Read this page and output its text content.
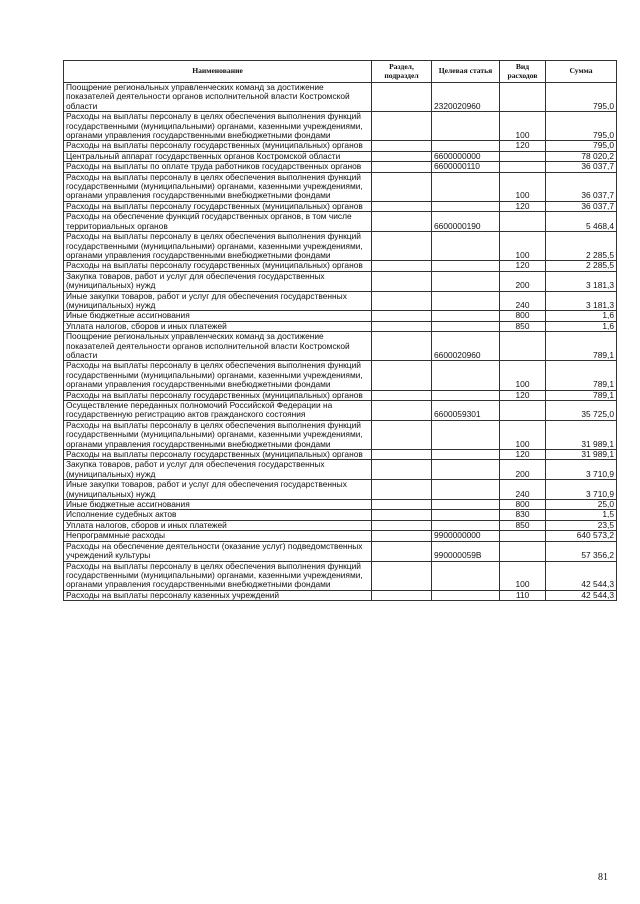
Наименование	Раздел, подраздел	Целевая статья	Вид расходов	Сумма
Поощрение региональных управленческих команд за достижение показателей деятельности органов исполнительной власти Костромской области		2320020960		795,0
Расходы на выплаты персоналу в целях обеспечения выполнения функций государственными (муниципальными) органами, казенными учреждениями, органами управления государственными внебюджетными фондами			100	795,0
Расходы на выплаты персоналу государственных (муниципальных) органов			120	795,0
Центральный аппарат государственных органов Костромской области		6600000000		78 020,2
Расходы на выплаты по оплате труда работников государственных органов		6600000110		36 037,7
Расходы на выплаты персоналу в целях обеспечения выполнения функций государственными (муниципальными) органами, казенными учреждениями, органами управления государственными внебюджетными фондами			100	36 037,7
Расходы на выплаты персоналу государственных (муниципальных) органов			120	36 037,7
Расходы на обеспечение функций государственных органов, в том числе территориальных органов		6600000190		5 468,4
Расходы на выплаты персоналу в целях обеспечения выполнения функций государственными (муниципальными) органами, казенными учреждениями, органами управления государственными внебюджетными фондами			100	2 285,5
Расходы на выплаты персоналу государственных (муниципальных) органов			120	2 285,5
Закупка товаров, работ и услуг для обеспечения государственных (муниципальных) нужд			200	3 181,3
Иные закупки товаров, работ и услуг для обеспечения государственных (муниципальных) нужд			240	3 181,3
Иные бюджетные ассигнования			800	1,6
Уплата налогов, сборов и иных платежей			850	1,6
Поощрение региональных управленческих команд за достижение показателей деятельности органов исполнительной власти Костромской области		6600020960		789,1
Расходы на выплаты персоналу в целях обеспечения выполнения функций государственными (муниципальными) органами, казенными учреждениями, органами управления государственными внебюджетными фондами			100	789,1
Расходы на выплаты персоналу государственных (муниципальных) органов			120	789,1
Осуществление переданных полномочий Российской Федерации на государственную регистрацию актов гражданского состояния		6600059301		35 725,0
Расходы на выплаты персоналу в целях обеспечения выполнения функций государственными (муниципальными) органами, казенными учреждениями, органами управления государственными внебюджетными фондами			100	31 989,1
Расходы на выплаты персоналу государственных (муниципальных) органов			120	31 989,1
Закупка товаров, работ и услуг для обеспечения государственных (муниципальных) нужд			200	3 710,9
Иные закупки товаров, работ и услуг для обеспечения государственных (муниципальных) нужд			240	3 710,9
Иные бюджетные ассигнования			800	25,0
Исполнение судебных актов			830	1,5
Уплата налогов, сборов и иных платежей			850	23,5
Непрограммные расходы		9900000000		640 573,2
Расходы на обеспечение деятельности (оказание услуг) подведомственных учреждений культуры		990000059В		57 356,2
Расходы на выплаты персоналу в целях обеспечения выполнения функций государственными (муниципальными) органами, казенными учреждениями, органами управления государственными внебюджетными фондами			100	42 544,3
Расходы на выплаты персоналу казенных учреждений			110	42 544,3
81
